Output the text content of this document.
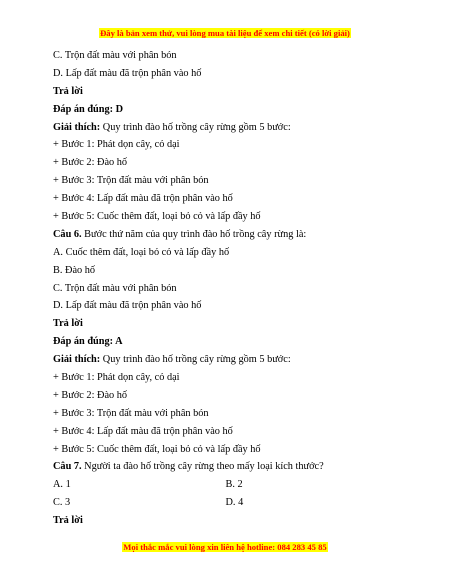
Đây là bản xem thử, vui lòng mua tài liệu để xem chi tiết (có lời giải)
C. Trộn đất màu với phân bón
D. Lấp đất màu đã trộn phân vào hố
Trả lời
Đáp án đúng: D
Giải thích: Quy trình đào hố trồng cây rừng gồm 5 bước:
+ Bước 1: Phát dọn cây, cỏ dại
+ Bước 2: Đào hố
+ Bước 3: Trộn đất màu với phân bón
+ Bước 4: Lấp đất màu đã trộn phân vào hố
+ Bước 5: Cuốc thêm đất, loại bỏ cỏ và lấp đầy hố
Câu 6. Bước thứ năm của quy trình đào hố trồng cây rừng là:
A. Cuốc thêm đất, loại bỏ cỏ và lấp đầy hố
B. Đào hố
C. Trộn đất màu với phân bón
D. Lấp đất màu đã trộn phân vào hố
Trả lời
Đáp án đúng: A
Giải thích: Quy trình đào hố trồng cây rừng gồm 5 bước:
+ Bước 1: Phát dọn cây, cỏ dại
+ Bước 2: Đào hố
+ Bước 3: Trộn đất màu với phân bón
+ Bước 4: Lấp đất màu đã trộn phân vào hố
+ Bước 5: Cuốc thêm đất, loại bỏ cỏ và lấp đầy hố
Câu 7. Người ta đào hố trồng cây rừng theo mấy loại kích thước?
A. 1	B. 2
C. 3	D. 4
Trả lời
Mọi thắc mắc vui lòng xin liên hệ hotline: 084 283 45 85
